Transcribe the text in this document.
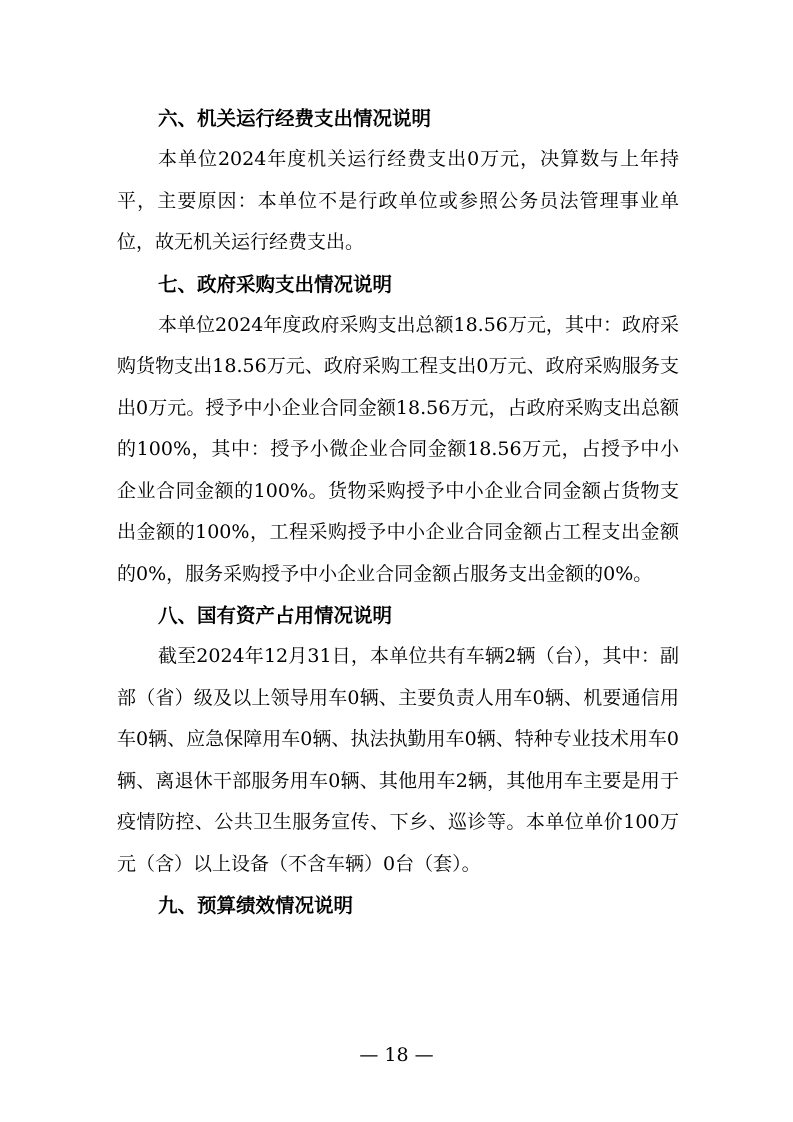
六、机关运行经费支出情况说明

本单位2024年度机关运行经费支出0万元，决算数与上年持平，主要原因：本单位不是行政单位或参照公务员法管理事业单位，故无机关运行经费支出。

七、政府采购支出情况说明

本单位2024年度政府采购支出总额18.56万元，其中：政府采购货物支出18.56万元、政府采购工程支出0万元、政府采购服务支出0万元。授予中小企业合同金额18.56万元，占政府采购支出总额的100%，其中：授予小微企业合同金额18.56万元，占授予中小企业合同金额的100%。货物采购授予中小企业合同金额占货物支出金额的100%，工程采购授予中小企业合同金额占工程支出金额的0%，服务采购授予中小企业合同金额占服务支出金额的0%。

八、国有资产占用情况说明

截至2024年12月31日，本单位共有车辆2辆（台），其中：副部（省）级及以上领导用车0辆、主要负责人用车0辆、机要通信用车0辆、应急保障用车0辆、执法执勤用车0辆、特种专业技术用车0辆、离退休干部服务用车0辆、其他用车2辆，其他用车主要是用于疫情防控、公共卫生服务宣传、下乡、巡诊等。本单位单价100万元（含）以上设备（不含车辆）0台（套）。

九、预算绩效情况说明
— 18 —
